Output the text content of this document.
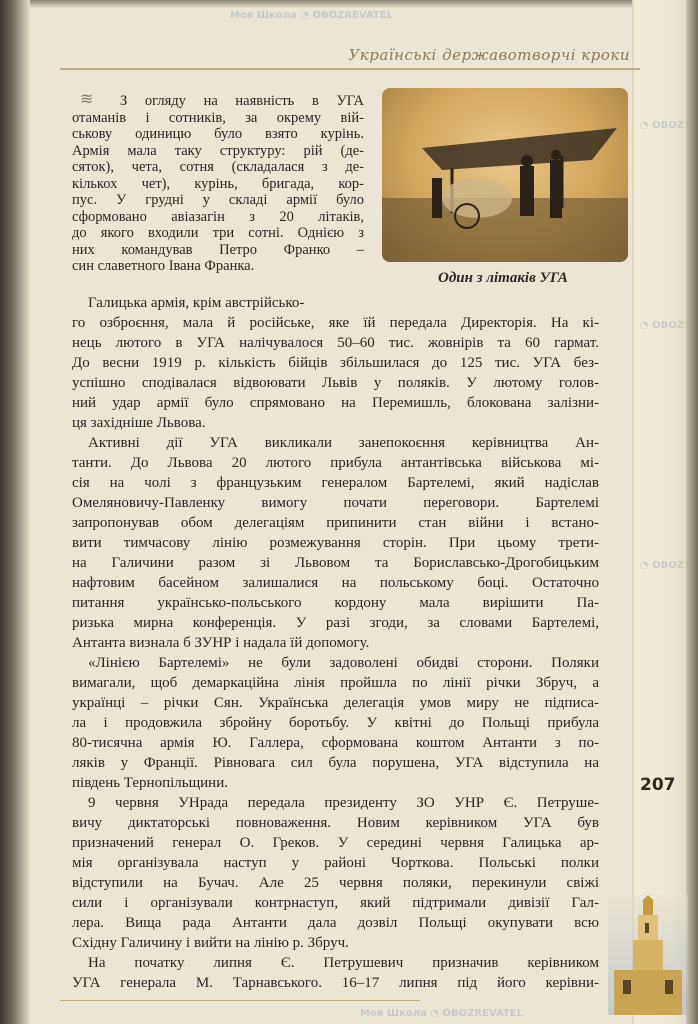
Українські державотворчі кроки
Один з літаків УГА
≋	З огляду на наявність в УГА
отаманів і сотників, за окрему вій-
ськову одиницю було взято курінь.
Армія мала таку структуру: рій (де-
сяток), чета, сотня (складалася з де-
кількох чет), курінь, бригада, кор-
пус. У грудні у складі армії було
сформовано авіазагін з 20 літаків,
до якого входили три сотні. Однією з
них командував Петро Франко –
син славетного Івана Франка.
Галицька армія, крім австрійсько-
го озброєння, мала й російське, яке їй передала Директорія. На кі-
нець лютого в УГА налічувалося 50–60 тис. жовнірів та 60 гармат.
До весни 1919 р. кількість бійців збільшилася до 125 тис. УГА без-
успішно сподівалася відвоювати Львів у поляків. У лютому голов-
ний удар армії було спрямовано на Перемишль, блокована залізни-
ця західніше Львова.
Активні дії УГА викликали занепокоєння керівництва Ан-
танти. До Львова 20 лютого прибула антантівська військова мі-
сія на чолі з французьким генералом Бартелемі, який надіслав
Омеляновичу-Павленку вимогу почати переговори. Бартелемі
запропонував обом делегаціям припинити стан війни і встано-
вити тимчасову лінію розмежування сторін. При цьому трети-
на Галичини разом зі Львовом та Бориславсько-Дрогобицьким
нафтовим басейном залишалися на польському боці. Остаточно
питання українсько-польського кордону мала вирішити Па-
ризька мирна конференція. У разі згоди, за словами Бартелемі,
Антанта визнала б ЗУНР і надала їй допомогу.
«Лінією Бартелемі» не були задоволені обидві сторони. Поляки
вимагали, щоб демаркаційна лінія пройшла по лінії річки Збруч, а
українці – річки Сян. Українська делегація умов миру не підписа-
ла і продовжила збройну боротьбу. У квітні до Польщі прибула
80-тисячна армія Ю. Галлера, сформована коштом Антанти з по-
ляків у Франції. Рівновага сил була порушена, УГА відступила на
південь Тернопільщини.
9 червня УНрада передала президенту ЗО УНР Є. Петруше-
вичу диктаторські повноваження. Новим керівником УГА був
призначений генерал О. Греков. У середині червня Галицька ар-
мія організувала наступ у районі Чорткова. Польські полки
відступили на Бучач. Але 25 червня поляки, перекинули свіжі
сили і організували контрнаступ, який підтримали дивізії Гал-
лера. Вища рада Антанти дала дозвіл Польщі окупувати всю
Східну Галичину і вийти на лінію р. Збруч.
На початку липня Є. Петрушевич призначив керівником
УГА генерала М. Тарнавського. 16–17 липня під його керівни-
207
Моя Школа ◔ OBOZREVATEL
◔ OBOZ
◔ OBOZ
◔ OBOZ
Моя Школа ◔ OBOZREVATEL
